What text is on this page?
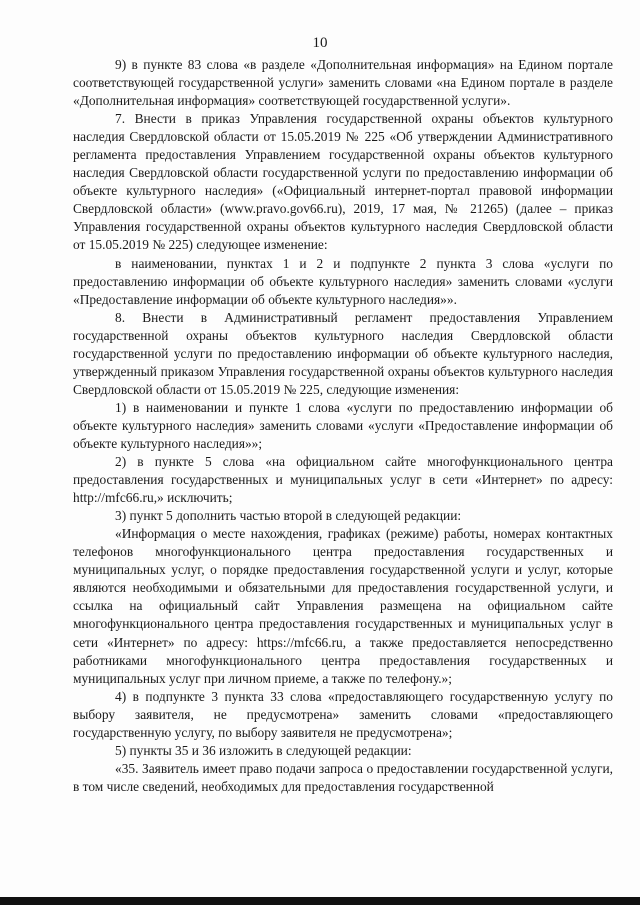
10

9) в пункте 83 слова «в разделе «Дополнительная информация» на Едином портале соответствующей государственной услуги» заменить словами «на Едином портале в разделе «Дополнительная информация» соответствующей государственной услуги».

7. Внести в приказ Управления государственной охраны объектов культурного наследия Свердловской области от 15.05.2019 № 225 «Об утверждении Административного регламента предоставления Управлением государственной охраны объектов культурного наследия Свердловской области государственной услуги по предоставлению информации об объекте культурного наследия» («Официальный интернет-портал правовой информации Свердловской области» (www.pravo.gov66.ru), 2019, 17 мая, № 21265) (далее – приказ Управления государственной охраны объектов культурного наследия Свердловской области от 15.05.2019 № 225) следующее изменение:

в наименовании, пунктах 1 и 2 и подпункте 2 пункта 3 слова «услуги по предоставлению информации об объекте культурного наследия» заменить словами «услуги «Предоставление информации об объекте культурного наследия»».

8. Внести в Административный регламент предоставления Управлением государственной охраны объектов культурного наследия Свердловской области государственной услуги по предоставлению информации об объекте культурного наследия, утвержденный приказом Управления государственной охраны объектов культурного наследия Свердловской области от 15.05.2019 № 225, следующие изменения:

1) в наименовании и пункте 1 слова «услуги по предоставлению информации об объекте культурного наследия» заменить словами «услуги «Предоставление информации об объекте культурного наследия»»;

2) в пункте 5 слова «на официальном сайте многофункционального центра предоставления государственных и муниципальных услуг в сети «Интернет» по адресу: http://mfc66.ru,» исключить;

3) пункт 5 дополнить частью второй в следующей редакции:

«Информация о месте нахождения, графиках (режиме) работы, номерах контактных телефонов многофункционального центра предоставления государственных и муниципальных услуг, о порядке предоставления государственной услуги и услуг, которые являются необходимыми и обязательными для предоставления государственной услуги, и ссылка на официальный сайт Управления размещена на официальном сайте многофункционального центра предоставления государственных и муниципальных услуг в сети «Интернет» по адресу: https://mfc66.ru, а также предоставляется непосредственно работниками многофункционального центра предоставления государственных и муниципальных услуг при личном приеме, а также по телефону.»;

4) в подпункте 3 пункта 33 слова «предоставляющего государственную услугу по выбору заявителя, не предусмотрена» заменить словами «предоставляющего государственную услугу, по выбору заявителя не предусмотрена»;

5) пункты 35 и 36 изложить в следующей редакции:

«35. Заявитель имеет право подачи запроса о предоставлении государственной услуги, в том числе сведений, необходимых для предоставления государственной
